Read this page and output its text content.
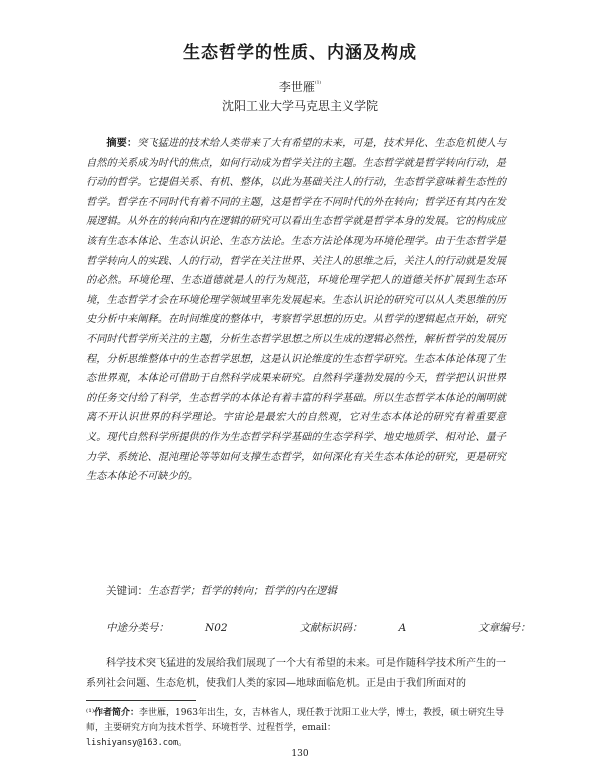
生态哲学的性质、内涵及构成
李世雁$^{^{(1)}}$
沈阳工业大学马克思主义学院
摘要：突飞猛进的技术给人类带来了大有希望的未来，可是，技术异化、生态危机使人与自然的关系成为时代的焦点，如何行动成为哲学关注的主题。生态哲学就是哲学转向行动，是行动的哲学。它提倡关系、有机、整体，以此为基础关注人的行动，生态哲学意味着生态性的哲学。哲学在不同时代有着不同的主题，这是哲学在不同时代的外在转向；哲学还有其内在发展逻辑。从外在的转向和内在逻辑的研究可以看出生态哲学就是哲学本身的发展。它的构成应该有生态本体论、生态认识论、生态方法论。生态方法论体现为环境伦理学。由于生态哲学是哲学转向人的实践、人的行动，哲学在关注世界、关注人的思维之后，关注人的行动就是发展的必然。环境伦理、生态道德就是人的行为规范，环境伦理学把人的道德关怀扩展到生态环境，生态哲学才会在环境伦理学领域里率先发展起来。生态认识论的研究可以从人类思维的历史分析中来阐释。在时间维度的整体中，考察哲学思想的历史。从哲学的逻辑起点开始，研究不同时代哲学所关注的主题，分析生态哲学思想之所以生成的逻辑必然性，解析哲学的发展历程，分析思维整体中的生态哲学思想，这是认识论维度的生态哲学研究。生态本体论体现了生态世界观，本体论可借助于自然科学成果来研究。自然科学蓬勃发展的今天，哲学把认识世界的任务交付给了科学，生态哲学的本体论有着丰富的科学基础。所以生态哲学本体论的阐明就离不开认识世界的科学理论。宇宙论是最宏大的自然观，它对生态本体论的研究有着重要意义。现代自然科学所提供的作为生态哲学科学基础的生态学科学、地史地质学、相对论、量子力学、系统论、混沌理论等等如何支撑生态哲学，如何深化有关生态本体论的研究，更是研究生态本体论不可缺少的。
关键词：生态哲学；哲学的转向；哲学的内在逻辑
中途分类号：	N02	文献标识码：	A	文章编号：
科学技术突飞猛进的发展给我们展现了一个大有希望的未来。可是作随科学技术所产生的一系列社会问题、生态危机，使我们人类的家园—地球面临危机。正是由于我们所面对的
⁽¹⁾作者简介：李世雁，1963年出生，女，吉林省人，现任教于沈阳工业大学，博士，教授，硕士研究生导师，主要研究方向为技术哲学、环境哲学、过程哲学，email：
lishiyansy@163.com。
130
